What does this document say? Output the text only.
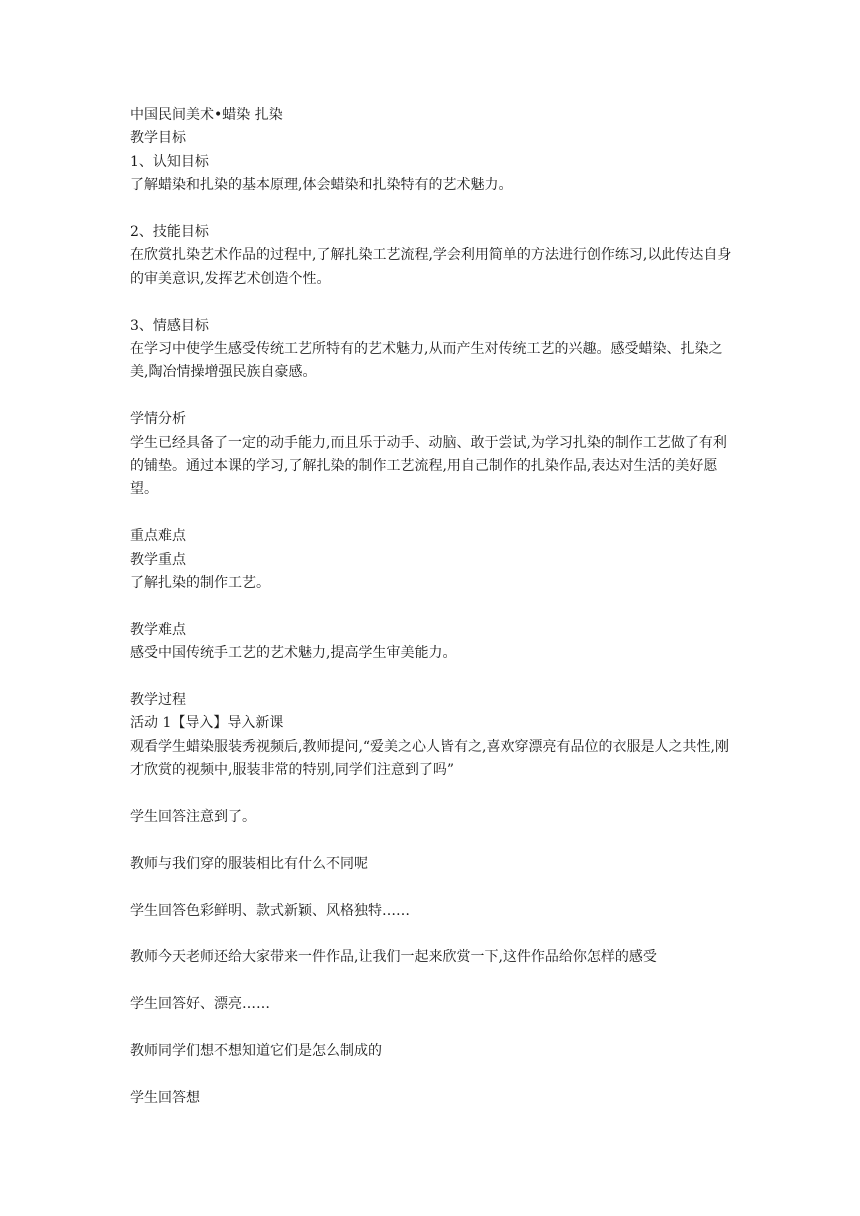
中国民间美术•蜡染 扎染

教学目标

1、认知目标

了解蜡染和扎染的基本原理,体会蜡染和扎染特有的艺术魅力。

2、技能目标

在欣赏扎染艺术作品的过程中,了解扎染工艺流程,学会利用简单的方法进行创作练习,以此传达自身的审美意识,发挥艺术创造个性。

3、情感目标

在学习中使学生感受传统工艺所特有的艺术魅力,从而产生对传统工艺的兴趣。感受蜡染、扎染之美,陶冶情操增强民族自豪感。

学情分析

学生已经具备了一定的动手能力,而且乐于动手、动脑、敢于尝试,为学习扎染的制作工艺做了有利的铺垫。通过本课的学习,了解扎染的制作工艺流程,用自己制作的扎染作品,表达对生活的美好愿望。

重点难点

教学重点

了解扎染的制作工艺。

教学难点

感受中国传统手工艺的艺术魅力,提高学生审美能力。

教学过程

活动 1【导入】导入新课

观看学生蜡染服装秀视频后,教师提问,“爱美之心人皆有之,喜欢穿漂亮有品位的衣服是人之共性,刚才欣赏的视频中,服装非常的特别,同学们注意到了吗”

学生回答注意到了。

教师与我们穿的服装相比有什么不同呢

学生回答色彩鲜明、款式新颖、风格独特……

教师今天老师还给大家带来一件作品,让我们一起来欣赏一下,这件作品给你怎样的感受

学生回答好、漂亮……

教师同学们想不想知道它们是怎么制成的

学生回答想
